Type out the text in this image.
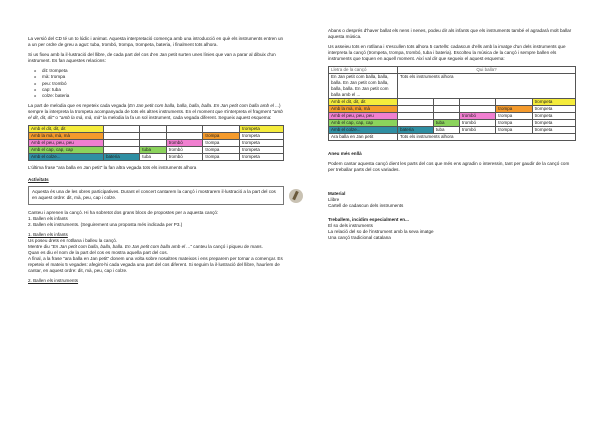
La versió del CD té un to lúdic i animat. Aquesta interpretació comença amb una introducció en què els instruments entren un a un per ordre de greu a agut: tuba, trombó, trompa, trompeta, bateria, i finalment tots alhora.

Si us fixeu amb la il·lustració del llibre, de cada part del cos d'en Jan petit surten unes línies que van a parar al dibuix d'un instrument. Es fan aquestes relacions:

o dit: trompeta
o mà: trompa
o peu: trombó
o cap: tuba
o colze: bateria

La part de melodia que es repeteix cada vegada (En Jan petit com balla, balla, balla, balla. En Jan petit com balla amb el ...) sempre la interpreta la trompeta acompanyada de tots els altres instruments. En el moment que s'interpreta el fragment "amb el dit, dit, dit" o "amb la mà, mà, mà" la melodia la fa un sol instrument, cada vegada diferent. Segueix aquest esquema:

Amb el dit, dit, dit					trompeta
Amb la mà, mà, mà				trompa	trompeta
Amb el peu, peu, peu			trombó	trompa	trompeta
Amb el cap, cap, cap		tuba	trombó	trompa	trompeta
Amb el colze...	bateria	tuba	trombó	trompa	trompeta

L'última frase "ara balla en Jan petit" la fan altra vegada tots els instruments alhora

Activitats

Aquesta és una de les obres participatives. Durant el concert cantarem la cançó i mostrarem il·lustració a la part del cos en aquest ordre: dit, mà, peu, cap i colze.

Canteu i aprenen la cançó. Hi ha sobretot dos grans blocs de propostes per a aquesta cançó:
1. Ballen els infants
2. Ballen els instruments. (Seguirement una proposta més indicada per P3.)

1. Ballen els infants
Us poseu drets en rotllana i balleu la cançó.
Mentre diu "En Jan petit com balla, balla, balla. En Jan petit com balla amb el ..." canteu la cançó i piqueu de mans.
Quan es diu el nom de la part del cos es mostra aquella part del cos.
A final, a la frase "ara balla en Jan petit" donem una volta sobre nosaltres mateixos i ens preparem per tornar a començar. Es repeteix el mateix 5 vegades: afegint-hi cada vegada una part del cos diferent. Si seguim la il·lustració del llibre, hauríem de cantar, en aquest ordre: dit, mà, peu, cap i colze.

2. Ballen els instruments

Abans o després d'haver ballat els nens i nenes, podeu dir als infants que els instruments també el agradarà molt ballar aquesta música.

Us asseieu tots en rotllana i s'escullen tots alhora 5 cartells: cadascun d'ells amb la imatge d'un dels instruments que interpreta la cançó (trompeta, trompa, trombó, tuba i bateria). Escolteu la música de la cançó i sempre ballen els instruments que toquen en aquell moment. Així val dir que segueix el aquest esquema:

Lletra de la cançó	Qui balla?				
En Jan petit com balla, balla, balla. En Jan petit com balla, balla, balla. En Jan petit com balla amb el ...	Tots els instruments alhora				
Amb el dit, dit, dit					trompeta
Amb la mà, mà, mà				trompa	trompeta
Amb el peu, peu, peu			trombó	trompa	trompeta
Amb el cap, cap, cap		tuba	trombó	trompa	trompeta
Amb el colze...	bateria	tuba	trombó	trompa	trompeta
Ara balla en Jan petit	Tots els instruments alhora				

Aneu més enllà

Podem cantar aquesta cançó dient les parts del cos que més ens agradin o interessin, tant per gaudir de la cançó com per treballar parts del cos variades.

Material

Llibre
Cartell de cadascun dels instruments

Treballem, incidim especialment en...

El so dels instruments
La relació del so de l'instrument amb la seva imatge
Una cançó tradicional catalana
